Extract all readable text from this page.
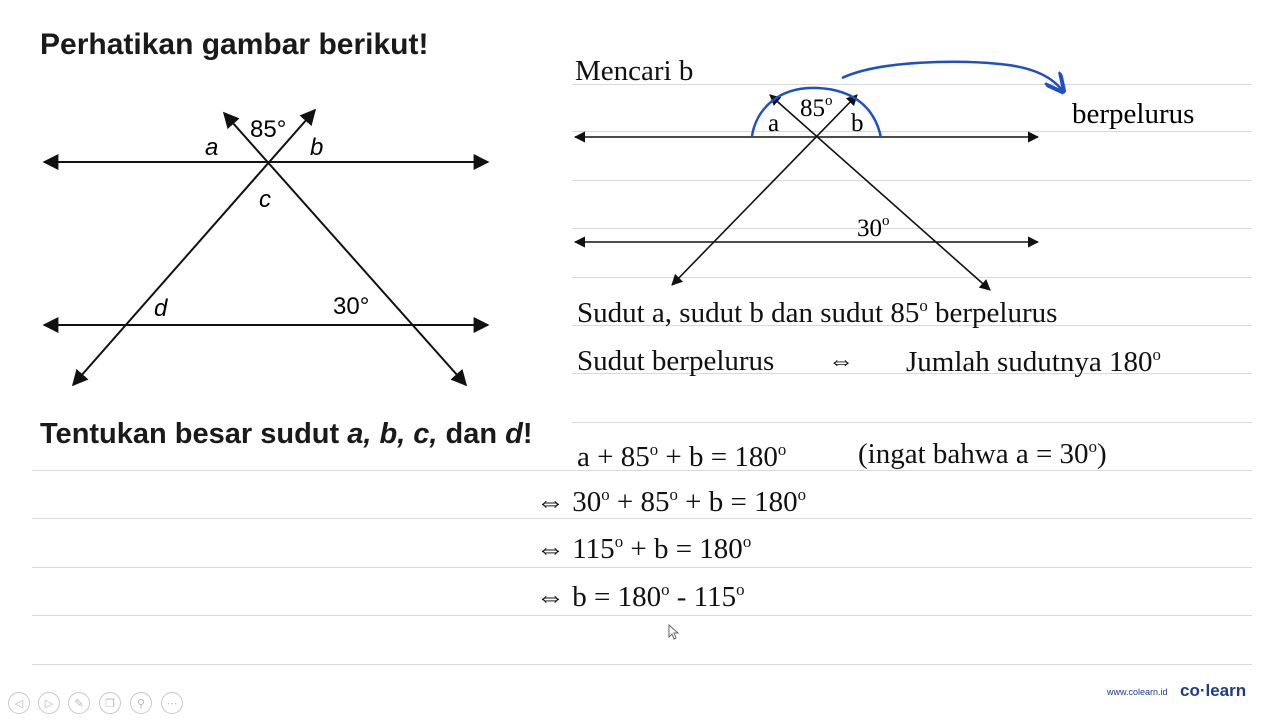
Perhatikan gambar berikut!
a
85°
b
c
d	30°
Tentukan besar sudut a, b, c, dan d!
Mencari b
a
85$^o$
b
30$^o$
berpelurus
Sudut a, sudut b dan sudut 85$^o$ berpelurus
Sudut berpelurus ⇔ Jumlah sudutnya 180$^o$
$a + 85^o + b = 180^o$ (ingat bahwa $a = 30^o$)
⇔ $30^o + 85^o + b = 180^o$
⇔ $115^o + b = 180^o$
⇔ $b = 180^o - 115^o$
◁	▷	✎	❐	⚲	⋯
www.colearn.id co·learn
